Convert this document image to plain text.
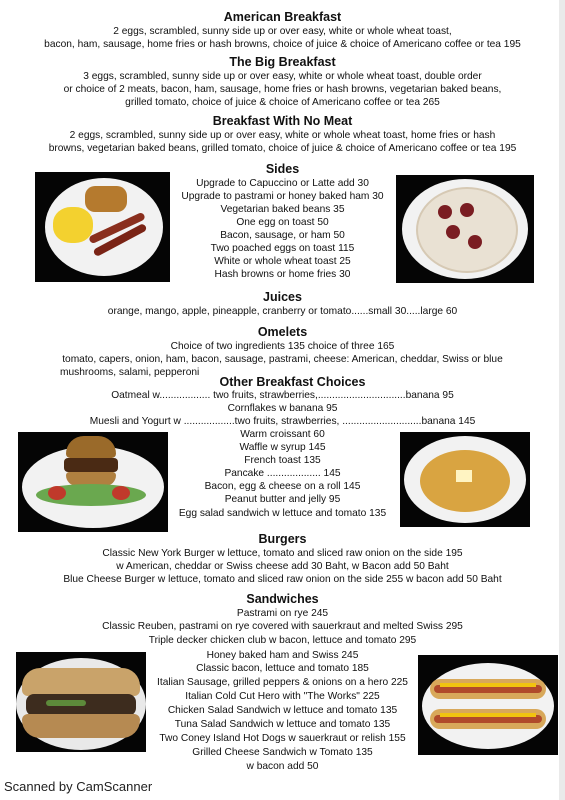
American Breakfast
2 eggs, scrambled, sunny side up or over easy, white or whole wheat toast,
bacon, ham, sausage, home fries or hash browns, choice of juice & choice of Americano coffee or tea 195
The Big Breakfast
3 eggs, scrambled, sunny side up or over easy, white or whole wheat toast, double order
or choice of 2 meats, bacon, ham, sausage, home fries or hash browns, vegetarian baked beans,
grilled tomato, choice of juice & choice of Americano coffee or tea 265
Breakfast With No Meat
2 eggs, scrambled, sunny side up or over easy, white or whole wheat toast, home fries or hash
browns, vegetarian baked beans, grilled tomato, choice of juice & choice of Americano coffee or tea 195
Sides
Upgrade to Capuccino or Latte add 30
Upgrade to pastrami or honey baked ham 30
Vegetarian baked beans 35
One egg on toast 50
Bacon, sausage, or ham 50
Two poached eggs on toast 115
White or whole wheat toast 25
Hash browns or home fries 30
Juices
orange, mango, apple, pineapple, cranberry or tomato......small 30.....large 60
Omelets
Choice of two ingredients 135 choice of three 165
tomato, capers, onion, ham, bacon, sausage, pastrami, cheese: American, cheddar, Swiss or blue
mushrooms, salami, pepperoni
Other Breakfast Choices
Oatmeal w.................. two fruits, strawberries,...............................banana 95
Cornflakes w banana 95
Muesli and Yogurt w ..................two fruits, strawberries, ............................banana 145
Warm croissant 60
Waffle w syrup 145
French toast 135
Pancake ................... 145
Bacon, egg & cheese on a roll 145
Peanut butter and jelly 95
Egg salad sandwich w lettuce and tomato 135
Burgers
Classic New York Burger w lettuce, tomato and sliced raw onion on the side 195
w American, cheddar or Swiss cheese add 30 Baht, w Bacon add 50 Baht
Blue Cheese Burger w lettuce, tomato and sliced raw onion on the side 255 w bacon add 50 Baht
Sandwiches
Pastrami on rye 245
Classic Reuben, pastrami on rye covered with sauerkraut and melted Swiss 295
Triple decker chicken club w bacon, lettuce and tomato 295
Honey baked ham and Swiss 245
Classic bacon, lettuce and tomato 185
Italian Sausage, grilled peppers & onions on a hero 225
Italian Cold Cut Hero with "The Works" 225
Chicken Salad Sandwich w lettuce and tomato 135
Tuna Salad Sandwich w lettuce and tomato 135
Two Coney Island Hot Dogs w sauerkraut or relish 155
Grilled Cheese Sandwich w Tomato 135
w bacon add 50
Scanned by CamScanner
